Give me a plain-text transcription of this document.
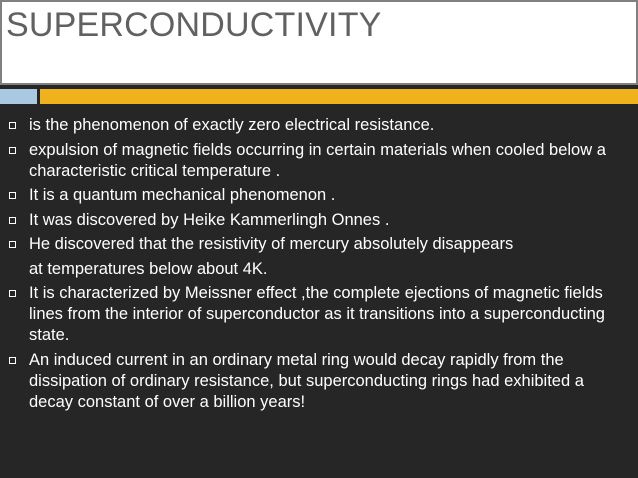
SUPERCONDUCTIVITY
is the phenomenon of exactly zero electrical resistance.
expulsion of magnetic fields occurring in certain materials when cooled below a characteristic critical temperature .
It is a quantum mechanical phenomenon .
It was discovered by Heike Kammerlingh Onnes .
He discovered that the resistivity of mercury absolutely disappears
at temperatures below about 4K.
It is characterized by Meissner effect ,the complete ejections of magnetic fields lines from the interior of superconductor as it transitions into a superconducting state.
An induced current in an ordinary metal ring would decay rapidly from the dissipation of ordinary resistance, but superconducting rings had exhibited a decay constant of over a billion years!
